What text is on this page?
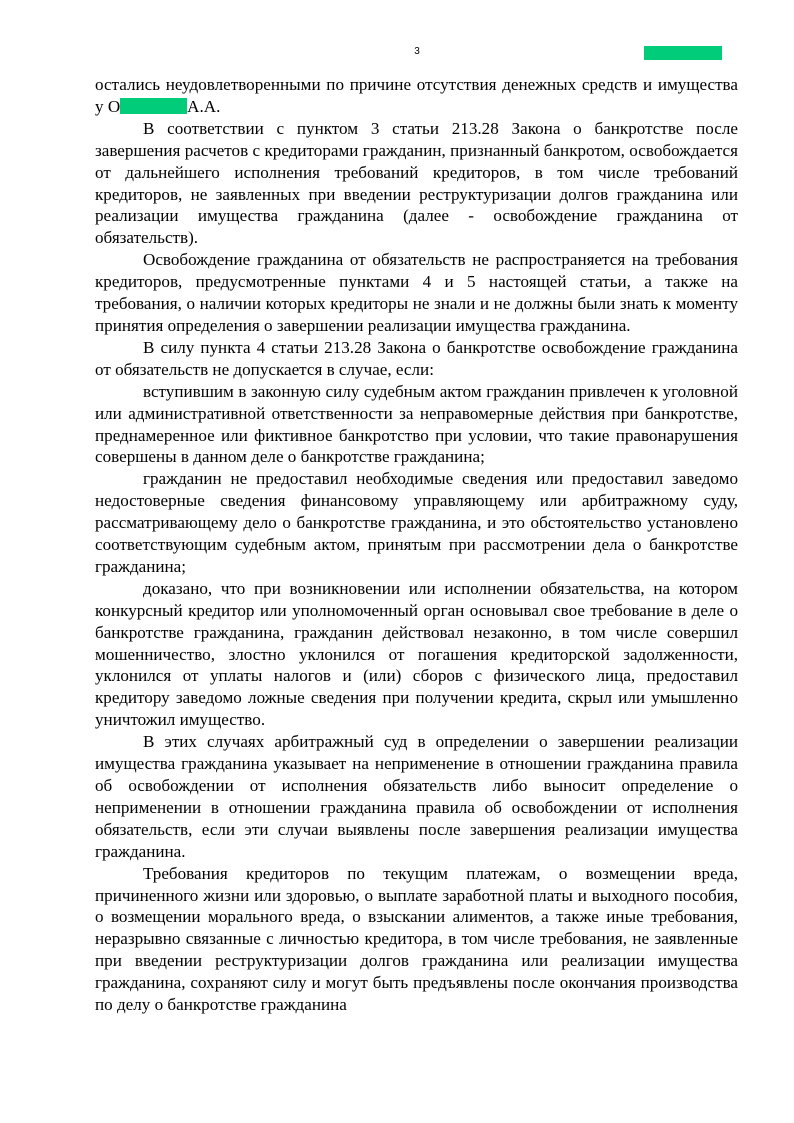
3

остались неудовлетворенными по причине отсутствия денежных средств и имущества у О	А.А.

В соответствии с пунктом 3 статьи 213.28 Закона о банкротстве после завершения расчетов с кредиторами гражданин, признанный банкротом, освобождается от дальнейшего исполнения требований кредиторов, в том числе требований кредиторов, не заявленных при введении реструктуризации долгов гражданина или реализации имущества гражданина (далее - освобождение гражданина от обязательств).

Освобождение гражданина от обязательств не распространяется на требования кредиторов, предусмотренные пунктами 4 и 5 настоящей статьи, а также на требования, о наличии которых кредиторы не знали и не должны были знать к моменту принятия определения о завершении реализации имущества гражданина.

В силу пункта 4 статьи 213.28 Закона о банкротстве освобождение гражданина от обязательств не допускается в случае, если:

вступившим в законную силу судебным актом гражданин привлечен к уголовной или административной ответственности за неправомерные действия при банкротстве, преднамеренное или фиктивное банкротство при условии, что такие правонарушения совершены в данном деле о банкротстве гражданина;

гражданин не предоставил необходимые сведения или предоставил заведомо недостоверные сведения финансовому управляющему или арбитражному суду, рассматривающему дело о банкротстве гражданина, и это обстоятельство установлено соответствующим судебным актом, принятым при рассмотрении дела о банкротстве гражданина;

доказано, что при возникновении или исполнении обязательства, на котором конкурсный кредитор или уполномоченный орган основывал свое требование в деле о банкротстве гражданина, гражданин действовал незаконно, в том числе совершил мошенничество, злостно уклонился от погашения кредиторской задолженности, уклонился от уплаты налогов и (или) сборов с физического лица, предоставил кредитору заведомо ложные сведения при получении кредита, скрыл или умышленно уничтожил имущество.

В этих случаях арбитражный суд в определении о завершении реализации имущества гражданина указывает на неприменение в отношении гражданина правила об освобождении от исполнения обязательств либо выносит определение о неприменении в отношении гражданина правила об освобождении от исполнения обязательств, если эти случаи выявлены после завершения реализации имущества гражданина.

Требования кредиторов по текущим платежам, о возмещении вреда, причиненного жизни или здоровью, о выплате заработной платы и выходного пособия, о возмещении морального вреда, о взыскании алиментов, а также иные требования, неразрывно связанные с личностью кредитора, в том числе требования, не заявленные при введении реструктуризации долгов гражданина или реализации имущества гражданина, сохраняют силу и могут быть предъявлены после окончания производства по делу о банкротстве гражданина
